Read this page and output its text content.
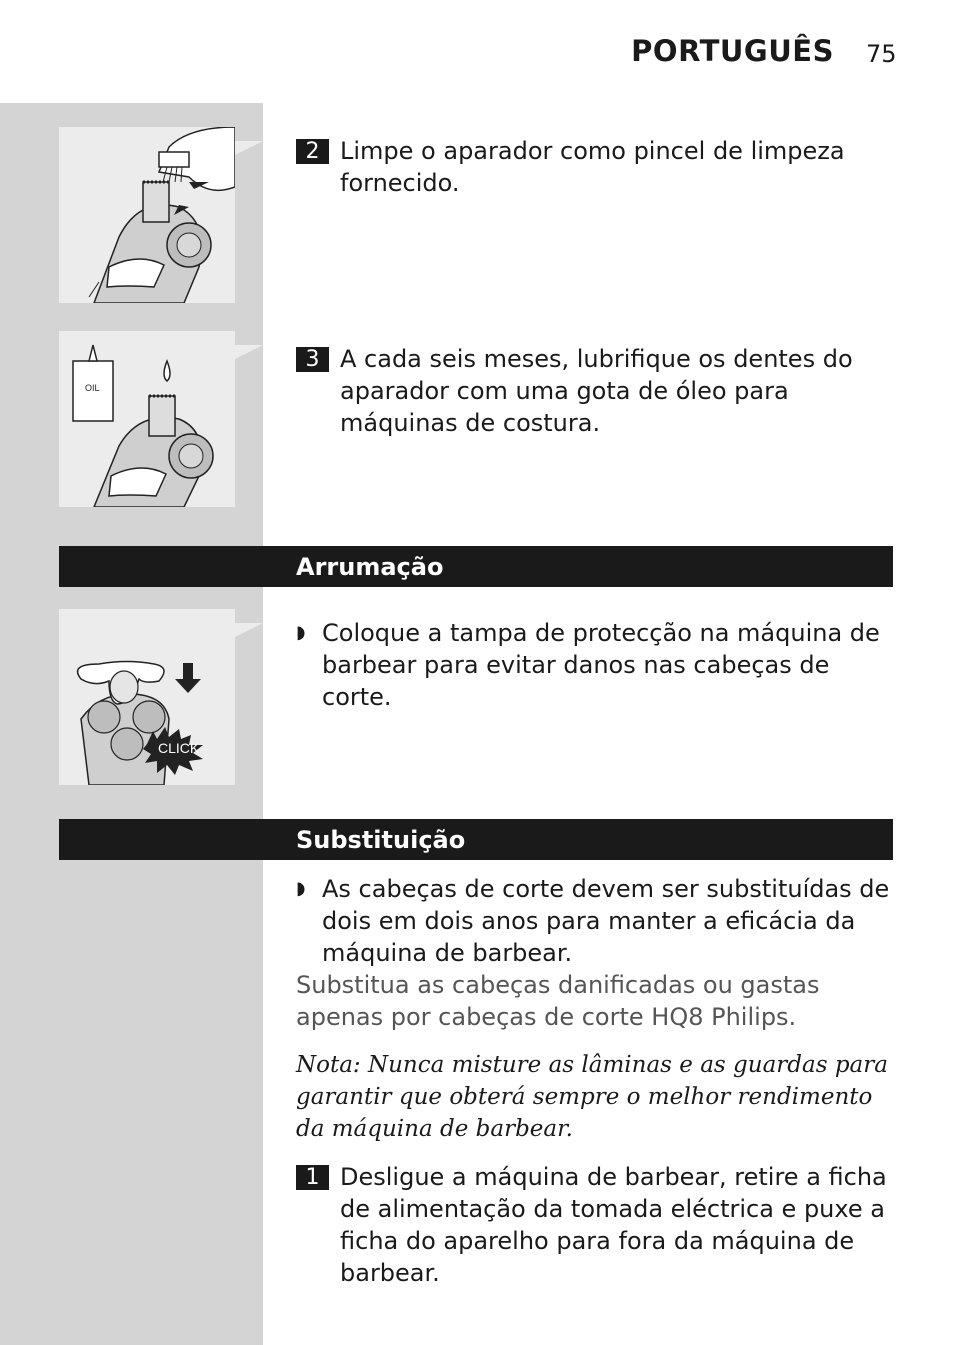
PORTUGUÊS 75
2 Limpe o aparador como pincel de limpeza fornecido.
OIL
3 A cada seis meses, lubrifique os dentes do aparador com uma gota de óleo para máquinas de costura.
Arrumação
CLICK
◗ Coloque a tampa de protecção na máquina de barbear para evitar danos nas cabeças de corte.
Substituição
◗ As cabeças de corte devem ser substituídas de dois em dois anos para manter a eficácia da máquina de barbear.
Substitua as cabeças danificadas ou gastas apenas por cabeças de corte HQ8 Philips.
Nota: Nunca misture as lâminas e as guardas para garantir que obterá sempre o melhor rendimento da máquina de barbear.
1 Desligue a máquina de barbear, retire a ficha de alimentação da tomada eléctrica e puxe a ficha do aparelho para fora da máquina de barbear.
